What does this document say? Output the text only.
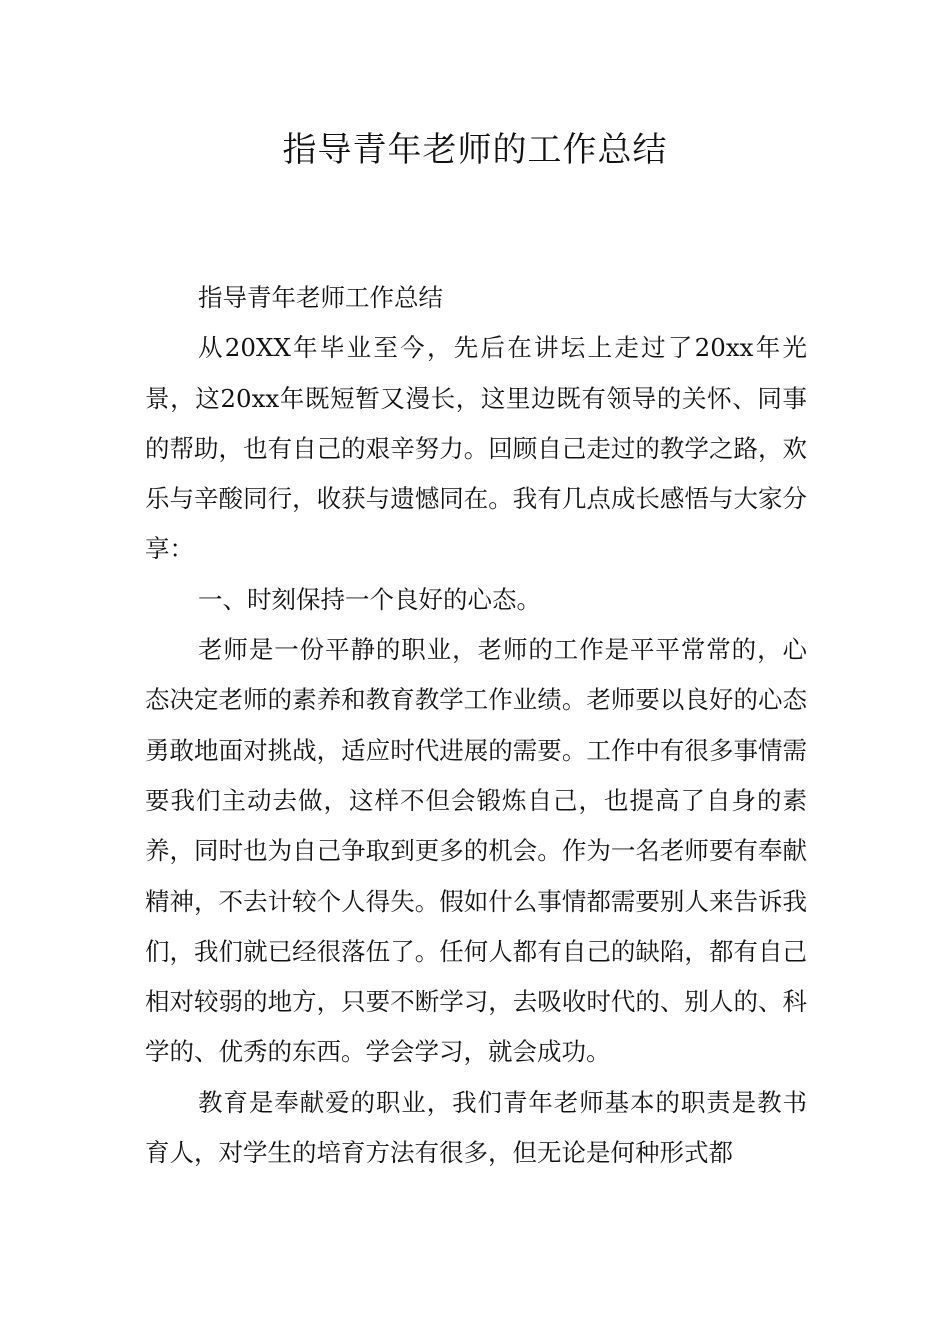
指导青年老师的工作总结

指导青年老师工作总结

从20XX年毕业至今，先后在讲坛上走过了20xx年光景，这20xx年既短暂又漫长，这里边既有领导的关怀、同事的帮助，也有自己的艰辛努力。回顾自己走过的教学之路，欢乐与辛酸同行，收获与遗憾同在。我有几点成长感悟与大家分享：

一、时刻保持一个良好的心态。

老师是一份平静的职业，老师的工作是平平常常的，心态决定老师的素养和教育教学工作业绩。老师要以良好的心态勇敢地面对挑战，适应时代进展的需要。工作中有很多事情需要我们主动去做，这样不但会锻炼自己，也提高了自身的素养，同时也为自己争取到更多的机会。作为一名老师要有奉献精神，不去计较个人得失。假如什么事情都需要别人来告诉我们，我们就已经很落伍了。任何人都有自己的缺陷，都有自己相对较弱的地方，只要不断学习，去吸收时代的、别人的、科学的、优秀的东西。学会学习，就会成功。

教育是奉献爱的职业，我们青年老师基本的职责是教书育人，对学生的培育方法有很多，但无论是何种形式都
